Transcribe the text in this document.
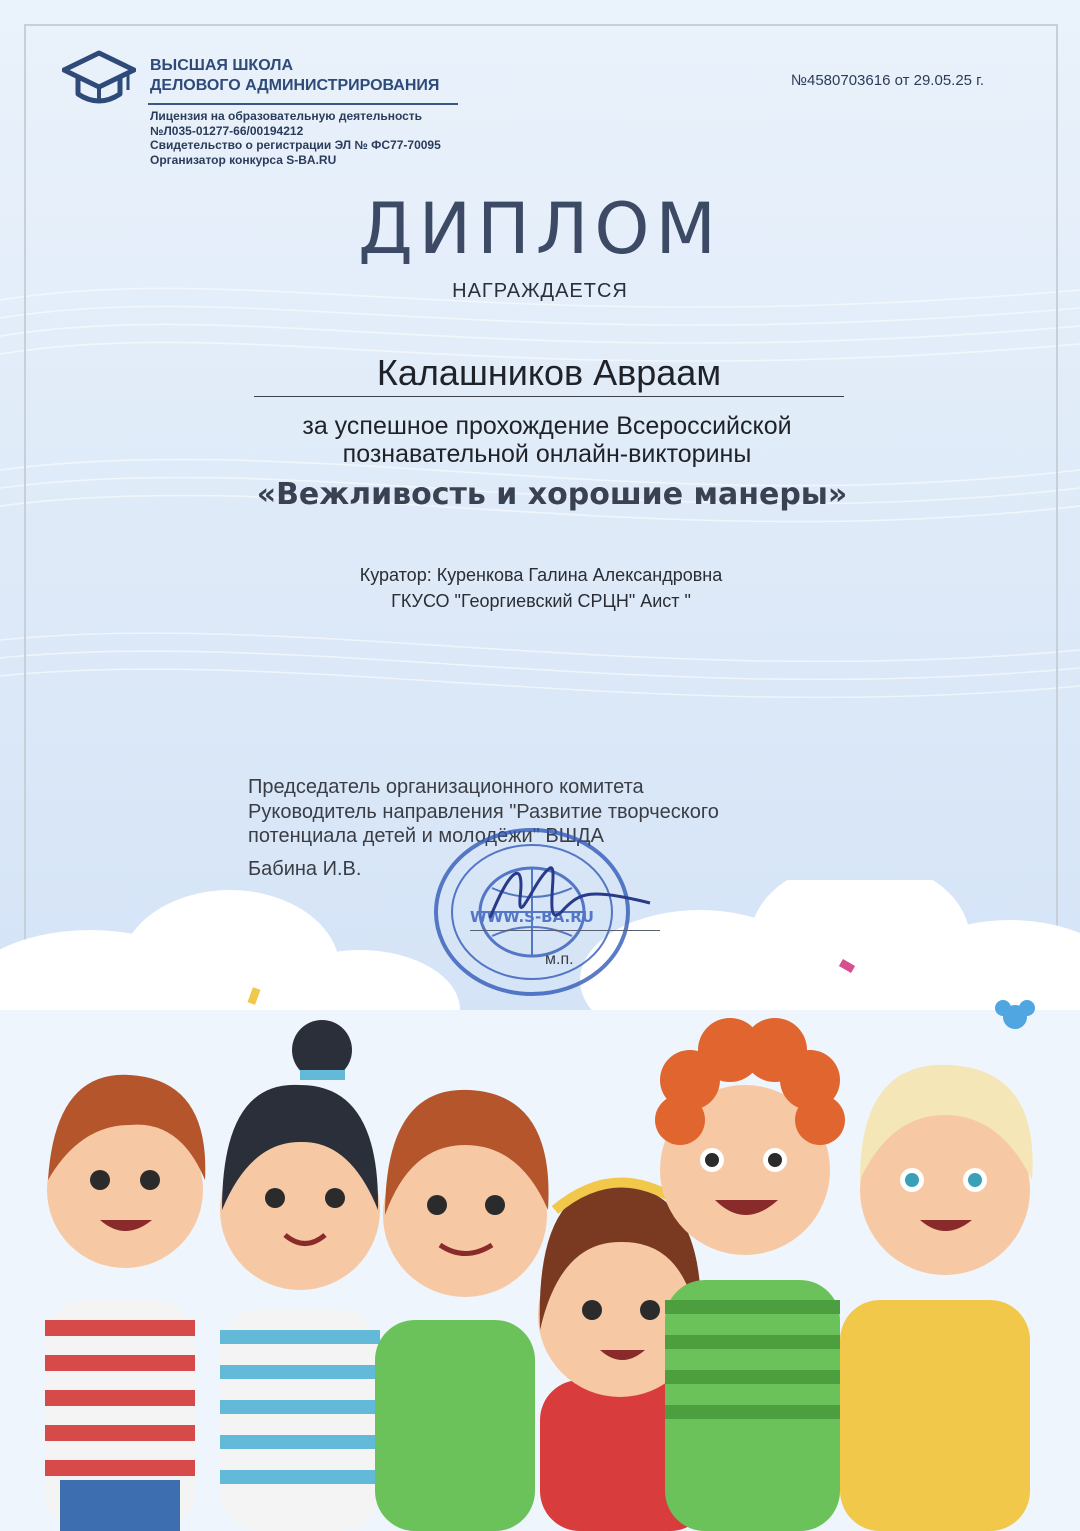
ВЫСШАЯ ШКОЛА
ДЕЛОВОГО АДМИНИСТРИРОВАНИЯ
Лицензия на образовательную деятельность
№Л035-01277-66/00194212
Свидетельство о регистрации ЭЛ № ФС77-70095
Организатор конкурса S-BA.RU
№4580703616 от 29.05.25 г.
ДИПЛОМ
НАГРАЖДАЕТСЯ
Калашников Авраам
за успешное прохождение Всероссийской
познавательной онлайн-викторины
«Вежливость и хорошие манеры»
Куратор: Куренкова Галина Александровна
ГКУСО "Георгиевский СРЦН" Аист "
Председатель организационного комитета
Руководитель направления "Развитие творческого
потенциала детей и молодёжи" ВШДА
Бабина И.В.
WWW.S-BA.RU
м.п.
